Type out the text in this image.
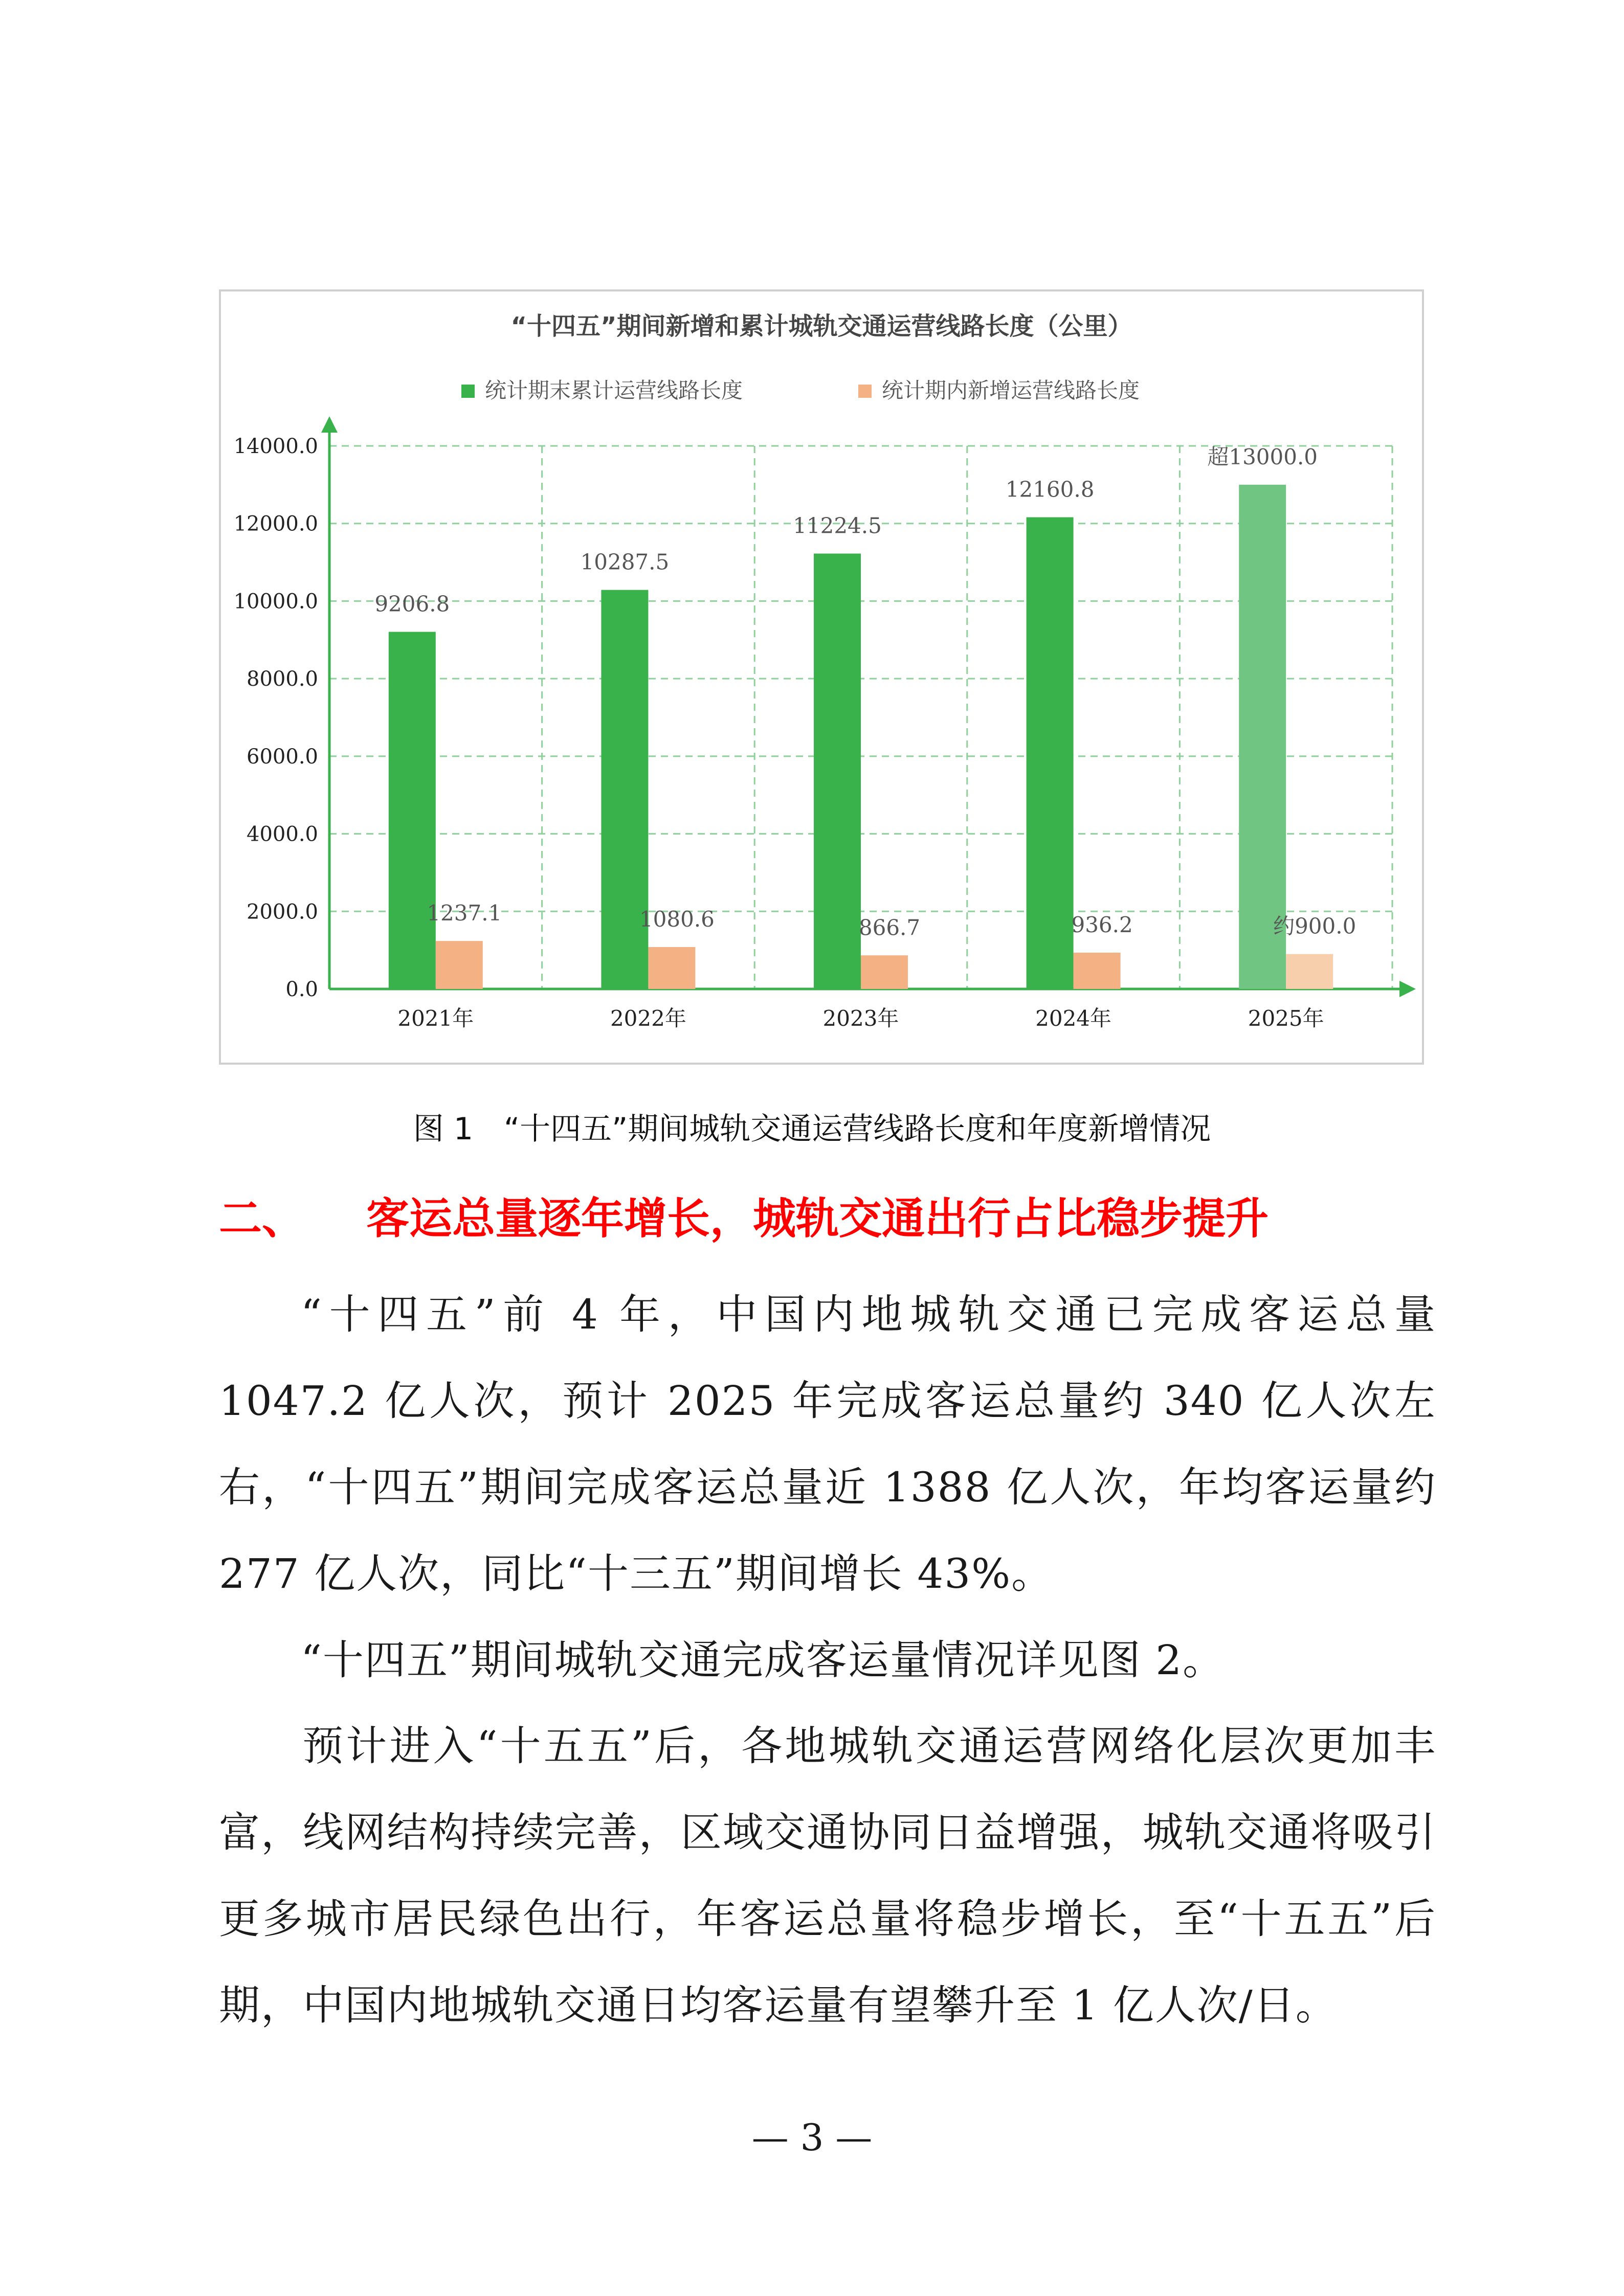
“十四五”期间新增和累计城轨交通运营线路长度（公里）
统计期末累计运营线路长度	统计期内新增运营线路长度
0.0
2000.0
4000.0
6000.0
8000.0
10000.0
12000.0
14000.0
9206.8
1237.1
2021年
10287.5
1080.6
2022年
11224.5
866.7
2023年
12160.8
936.2
2024年
超13000.0
约900.0
2025年
图 1 “十四五”期间城轨交通运营线路长度和年度新增情况
二、 客运总量逐年增长，城轨交通出行占比稳步提升
“十四五”前 4 年，中国内地城轨交通已完成客运总量 1047.2 亿人次，预计 2025 年完成客运总量约 340 亿人次左右，“十四五”期间完成客运总量近 1388 亿人次，年均客运量约 277 亿人次，同比“十三五”期间增长 43%。
“十四五”期间城轨交通完成客运量情况详见图 2。
预计进入“十五五”后，各地城轨交通运营网络化层次更加丰富，线网结构持续完善，区域交通协同日益增强，城轨交通将吸引更多城市居民绿色出行，年客运总量将稳步增长，至“十五五”后期，中国内地城轨交通日均客运量有望攀升至 1 亿人次/日。
— 3 —
